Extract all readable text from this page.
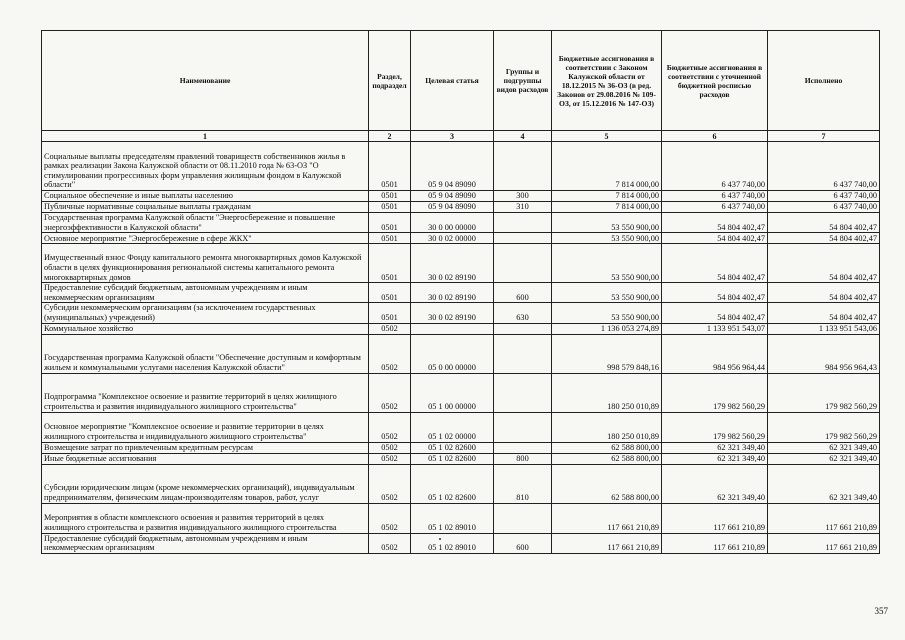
Наименование	Раздел, подраздел	Целевая статья	Группы и подгруппы видов расходов	Бюджетные ассигнования в соответствии с Законом Калужской области от 18.12.2015 № 36-ОЗ (в ред. Законов от 29.08.2016 № 109-ОЗ, от 15.12.2016 № 147-ОЗ)	Бюджетные ассигнования в соответствии с уточненной бюджетной росписью расходов	Исполнено
1	2	3	4	5	6	7
Социальные выплаты председателям правлений товариществ собственников жилья в рамках реализации Закона Калужской области от 08.11.2010 года № 63-ОЗ "О стимулировании прогрессивных форм управления жилищным фондом в Калужской области"	0501	05 9 04 89090		7 814 000,00	6 437 740,00	6 437 740,00
Социальное обеспечение и иные выплаты населению	0501	05 9 04 89090	300	7 814 000,00	6 437 740,00	6 437 740,00
Публичные нормативные социальные выплаты гражданам	0501	05 9 04 89090	310	7 814 000,00	6 437 740,00	6 437 740,00
Государственная программа Калужской области "Энергосбережение и повышение энергоэффективности в Калужской области"	0501	30 0 00 00000		53 550 900,00	54 804 402,47	54 804 402,47
Основное мероприятие "Энергосбережение в сфере ЖКХ"	0501	30 0 02 00000		53 550 900,00	54 804 402,47	54 804 402,47
Имущественный взнос Фонду капитального ремонта многоквартирных домов Калужской области в целях функционирования региональной системы капитального ремонта многоквартирных домов	0501	30 0 02 89190		53 550 900,00	54 804 402,47	54 804 402,47
Предоставление субсидий бюджетным, автономным учреждениям и иным некоммерческим организациям	0501	30 0 02 89190	600	53 550 900,00	54 804 402,47	54 804 402,47
Субсидии некоммерческим организациям (за исключением государственных (муниципальных) учреждений)	0501	30 0 02 89190	630	53 550 900,00	54 804 402,47	54 804 402,47
Коммунальное хозяйство	0502			1 136 053 274,89	1 133 951 543,07	1 133 951 543,06
Государственная программа Калужской области "Обеспечение доступным и комфортным жильем и коммунальными услугами населения Калужской области"	0502	05 0 00 00000		998 579 848,16	984 956 964,44	984 956 964,43
Подпрограмма "Комплексное освоение и развитие территорий в целях жилищного строительства и развития индивидуального жилищного строительства"	0502	05 1 00 00000		180 250 010,89	179 982 560,29	179 982 560,29
Основное мероприятие "Комплексное освоение и развитие территории в целях жилищного строительства и индивидуального жилищного строительства"	0502	05 1 02 00000		180 250 010,89	179 982 560,29	179 982 560,29
Возмещение затрат по привлеченным кредитным ресурсам	0502	05 1 02 82600		62 588 800,00	62 321 349,40	62 321 349,40
Иные бюджетные ассигнования	0502	05 1 02 82600	800	62 588 800,00	62 321 349,40	62 321 349,40
Субсидии юридическим лицам (кроме некоммерческих организаций), индивидуальным предпринимателям, физическим лицам-производителям товаров, работ, услуг	0502	05 1 02 82600	810	62 588 800,00	62 321 349,40	62 321 349,40
Мероприятия в области комплексного освоения и развития территорий в целях жилищного строительства и развития индивидуального жилищного строительства	0502	05 1 02 89010		117 661 210,89	117 661 210,89	117 661 210,89
Предоставление субсидий бюджетным, автономным учреждениям и иным некоммерческим организациям	0502	05 1 02 89010	600	117 661 210,89	117 661 210,89	117 661 210,89
357
